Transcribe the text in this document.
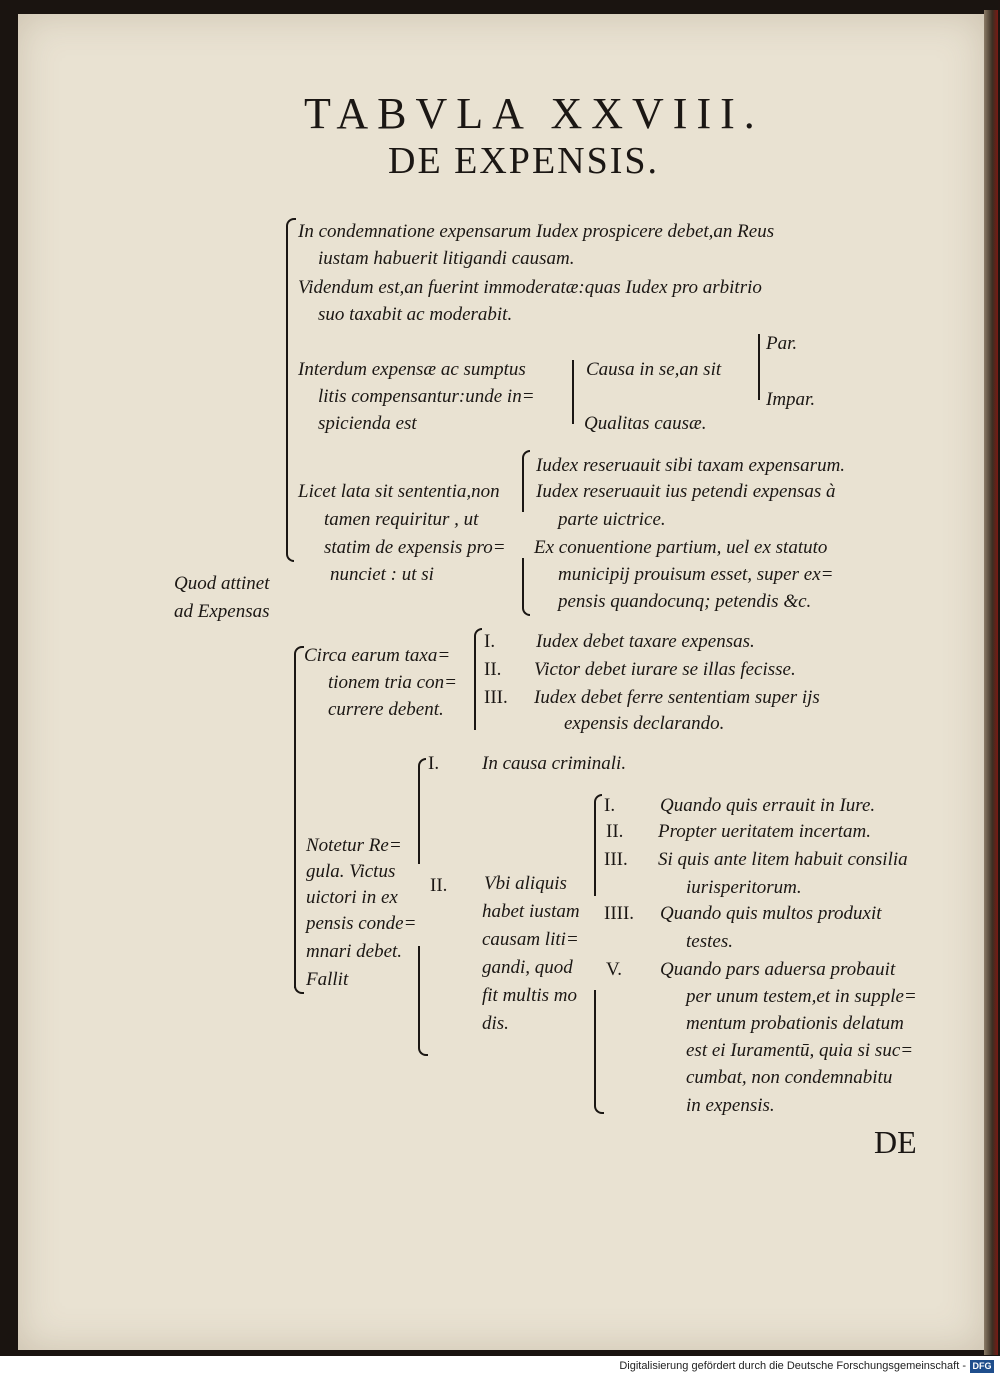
TABVLA XXVIII.
DE EXPENSIS.
Quod attinet
ad Expensas
In condemnatione expensarum Iudex prospicere debet,an Reus
iustam habuerit litigandi causam.
Videndum est,an fuerint immoderatæ:quas Iudex pro arbitrio
suo taxabit ac moderabit.
Interdum expensæ ac sumptus
litis compensantur:unde in=
spicienda est
Causa in se,an sit
Par.
Impar.
Qualitas causæ.
Licet lata sit sententia,non
tamen requiritur , ut
statim de expensis pro=
nunciet : ut si
Iudex reseruauit sibi taxam expensarum.
Iudex reseruauit ius petendi expensas à
parte uictrice.
Ex conuentione partium, uel ex statuto
municipij prouisum esset, super ex=
pensis quandocunq; petendis &c.
Circa earum taxa=
tionem tria con=
currere debent.
I. Iudex debet taxare expensas.
II. Victor debet iurare se illas fecisse.
III. Iudex debet ferre sententiam super ijs
expensis declarando.
Notetur Re=
gula. Victus
uictori in ex
pensis conde=
mnari debet.
Fallit
I. In causa criminali.
II. Vbi aliquis
habet iustam
causam liti=
gandi, quod
fit multis mo
dis.
I. Quando quis errauit in Iure.
II. Propter ueritatem incertam.
III. Si quis ante litem habuit consilia
iurisperitorum.
IIII. Quando quis multos produxit
testes.
V. Quando pars aduersa probauit
per unum testem,et in supple=
mentum probationis delatum
est ei Iuramentū, quia si suc=
cumbat, non condemnabitu
in expensis.
DE
Digitalisierung gefördert durch die Deutsche Forschungsgemeinschaft - DFG
